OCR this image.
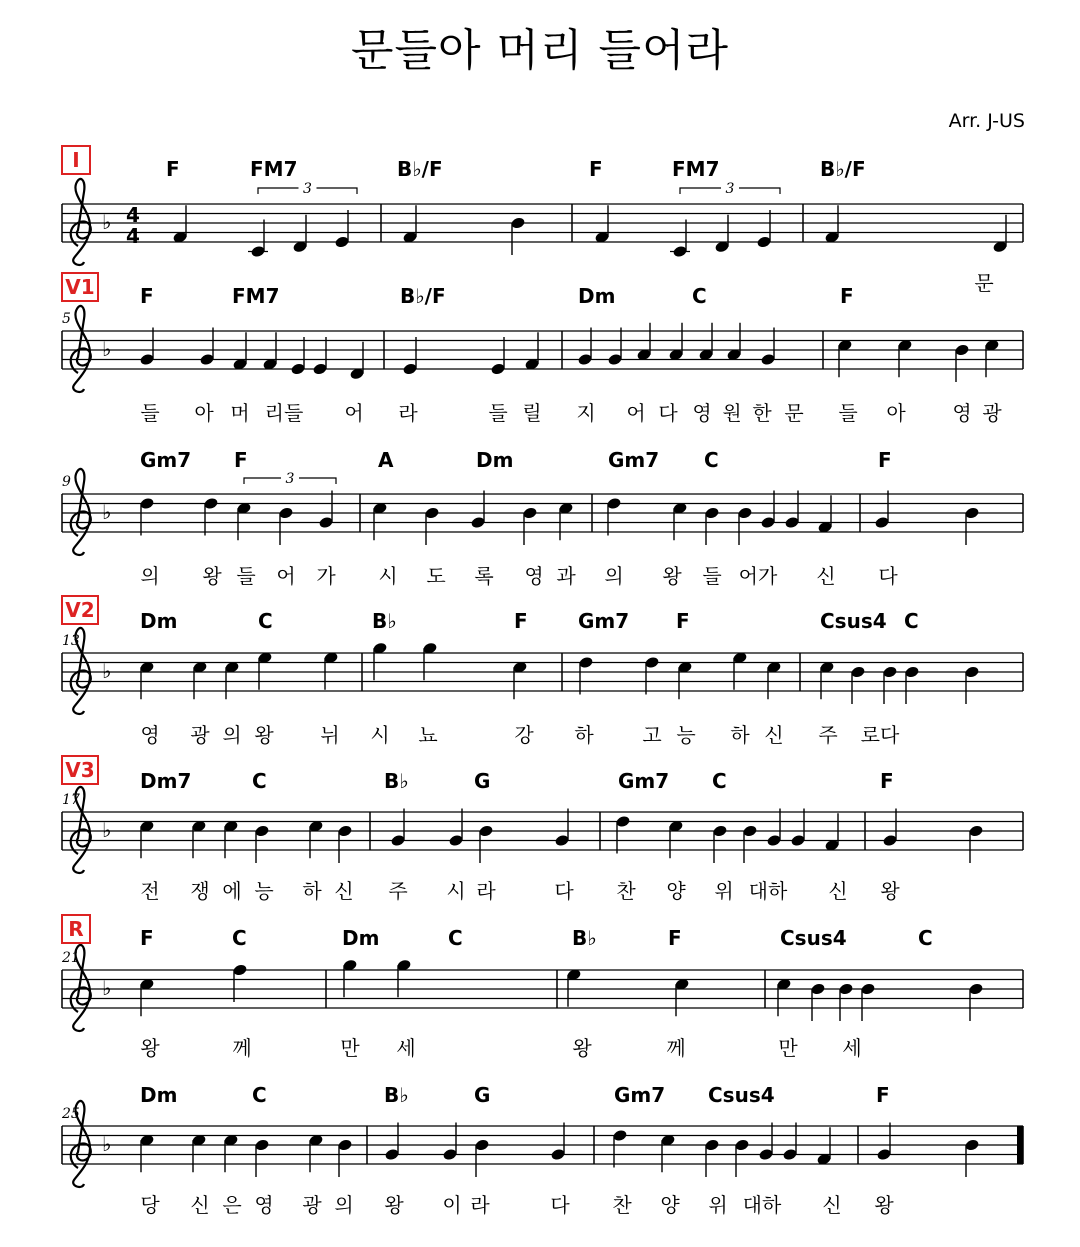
문들아 머리 들어라
Arr. J-US
♭ 4
4
I	F	FM7	B♭/F	F	FM7	B♭/F
문
3	3
♭
5
V1 F	FM7	B♭/F	Dm	C	F
들 아 머 리들 어 라	들 릴 지 어 다 영 원 한 문 들 아 영 광
♭
9
Gm7 F	A	Dm	Gm7 C	F
의 왕 들 어 가 시 도 록 영 과 의 왕 들 어가 신 다
3
♭
13
V2 Dm	C	B♭	F	Gm7 F	Csus4 C
영 광 의 왕 뉘 시 뇨	강 하 고 능 하 신 주 로다
♭
17
V3 Dm7	C	B♭	G	Gm7 C	F
전 쟁 에 능 하 신 주 시 라	다 찬 양 위 대하 신 왕
♭
21
R	F	C	Dm	C	B♭	F	Csus4	C
왕	께	만 세	왕	께	만 세
♭
25
Dm	C	B♭	G	Gm7 Csus4	F
당 신 은 영 광 의 왕 이 라	다 찬 양 위 대하 신 왕
